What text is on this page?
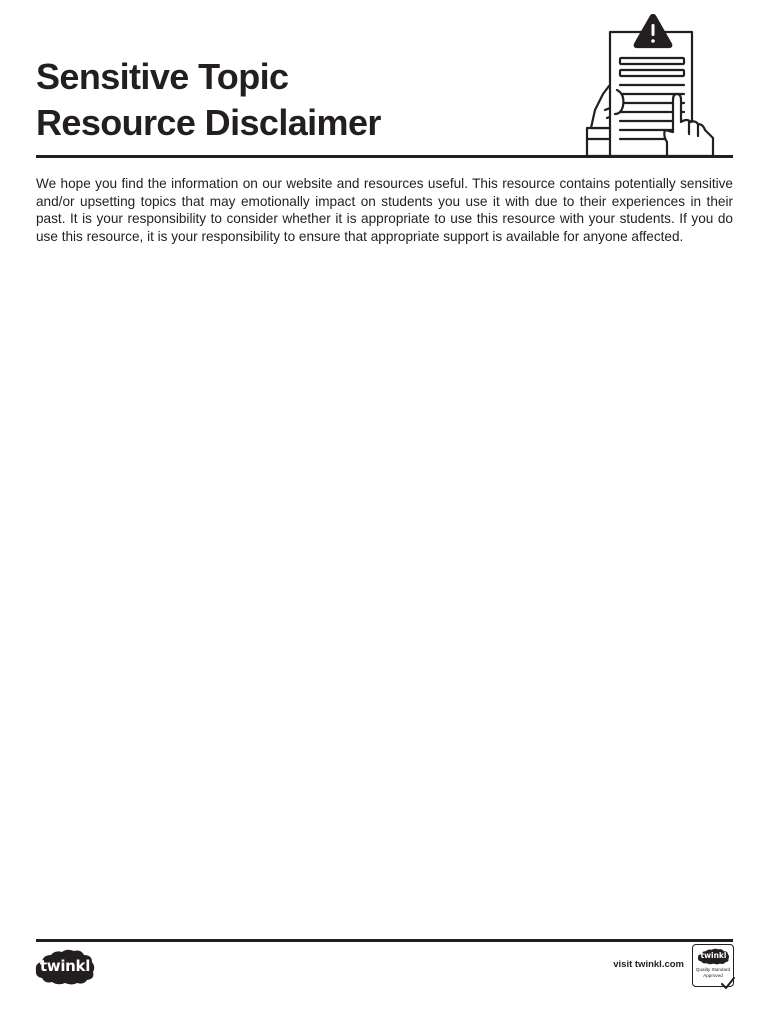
Sensitive Topic
Resource Disclaimer

We hope you find the information on our website and resources useful. This resource contains potentially sensitive and/or upsetting topics that may emotionally impact on students you use it with due to their experiences in their past. It is your responsibility to consider whether it is appropriate to use this resource with your students. If you do use this resource, it is your responsibility to ensure that appropriate support is available for anyone affected.

twinkl	visit twinkl.com
twinkl
Quality Standard
Approved
